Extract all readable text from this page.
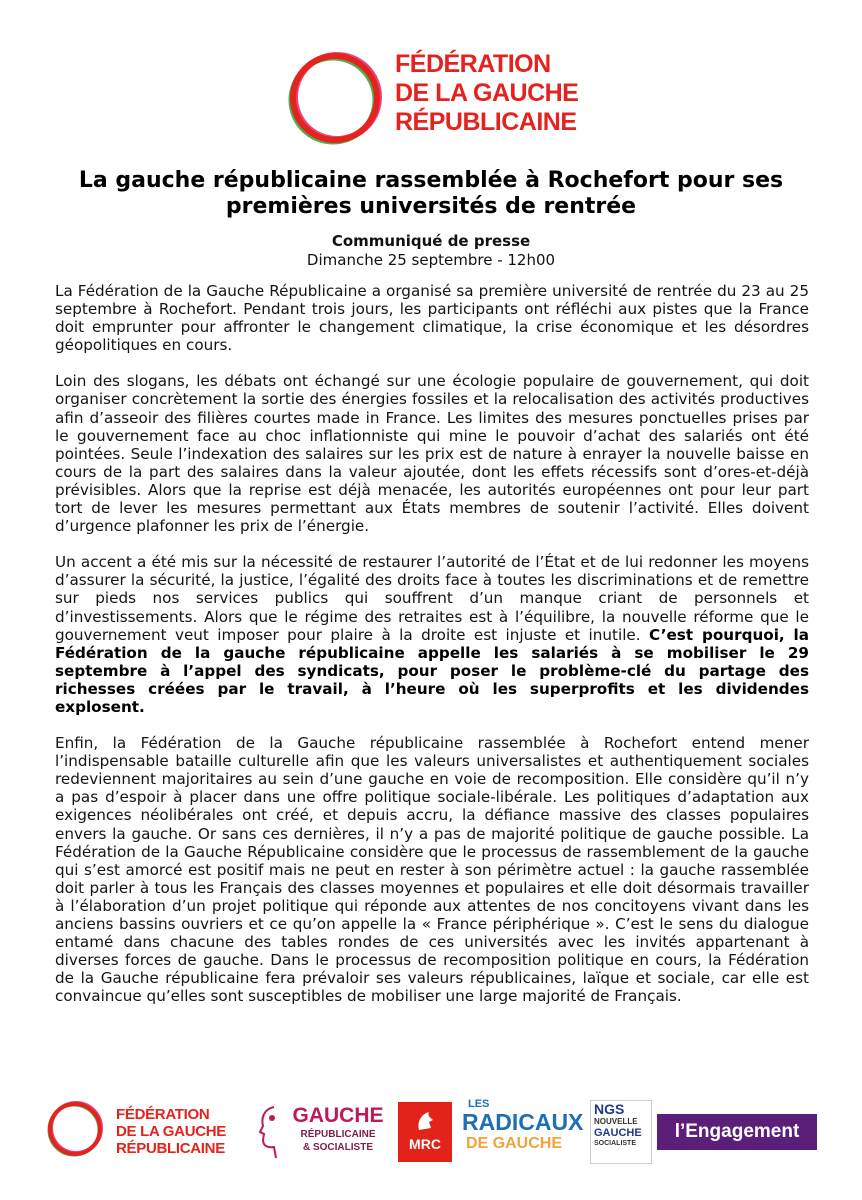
FÉDÉRATION
DE LA GAUCHE
RÉPUBLICAINE
La gauche républicaine rassemblée à Rochefort pour ses premières universités de rentrée
Communiqué de presse
Dimanche 25 septembre - 12h00

La Fédération de la Gauche Républicaine a organisé sa première université de rentrée du 23 au 25 septembre à Rochefort. Pendant trois jours, les participants ont réfléchi aux pistes que la France doit emprunter pour affronter le changement climatique, la crise économique et les désordres géopolitiques en cours.

Loin des slogans, les débats ont échangé sur une écologie populaire de gouvernement, qui doit organiser concrètement la sortie des énergies fossiles et la relocalisation des activités productives afin d’asseoir des filières courtes made in France. Les limites des mesures ponctuelles prises par le gouvernement face au choc inflationniste qui mine le pouvoir d’achat des salariés ont été pointées. Seule l’indexation des salaires sur les prix est de nature à enrayer la nouvelle baisse en cours de la part des salaires dans la valeur ajoutée, dont les effets récessifs sont d’ores-et-déjà prévisibles. Alors que la reprise est déjà menacée, les autorités européennes ont pour leur part tort de lever les mesures permettant aux États membres de soutenir l’activité. Elles doivent d’urgence plafonner les prix de l’énergie.

Un accent a été mis sur la nécessité de restaurer l’autorité de l’État et de lui redonner les moyens d’assurer la sécurité, la justice, l’égalité des droits face à toutes les discriminations et de remettre sur pieds nos services publics qui souffrent d’un manque criant de personnels et d’investissements. Alors que le régime des retraites est à l’équilibre, la nouvelle réforme que le gouvernement veut imposer pour plaire à la droite est injuste et inutile. C’est pourquoi, la Fédération de la gauche républicaine appelle les salariés à se mobiliser le 29 septembre à l’appel des syndicats, pour poser le problème-clé du partage des richesses créées par le travail, à l’heure où les superprofits et les dividendes explosent.

Enfin, la Fédération de la Gauche républicaine rassemblée à Rochefort entend mener l’indispensable bataille culturelle afin que les valeurs universalistes et authentiquement sociales redeviennent majoritaires au sein d’une gauche en voie de recomposition. Elle considère qu’il n’y a pas d’espoir à placer dans une offre politique sociale-libérale. Les politiques d’adaptation aux exigences néolibérales ont créé, et depuis accru, la défiance massive des classes populaires envers la gauche. Or sans ces dernières, il n’y a pas de majorité politique de gauche possible. La Fédération de la Gauche Républicaine considère que le processus de rassemblement de la gauche qui s’est amorcé est positif mais ne peut en rester à son périmètre actuel : la gauche rassemblée doit parler à tous les Français des classes moyennes et populaires et elle doit désormais travailler à l’élaboration d’un projet politique qui réponde aux attentes de nos concitoyens vivant dans les anciens bassins ouvriers et ce qu’on appelle la « France périphérique ». C’est le sens du dialogue entamé dans chacune des tables rondes de ces universités avec les invités appartenant à diverses forces de gauche. Dans le processus de recomposition politique en cours, la Fédération de la Gauche républicaine fera prévaloir ses valeurs républicaines, laïque et sociale, car elle est convaincue qu’elles sont susceptibles de mobiliser une large majorité de Français.

FÉDÉRATION
DE LA GAUCHE
RÉPUBLICAINE
GAUCHE
RÉPUBLICAINE
& SOCIALISTE	MRC
LES
RADICAUX
DE GAUCHE
NGS
NOUVELLE
GAUCHE
SOCIALISTE
l’Engagement
